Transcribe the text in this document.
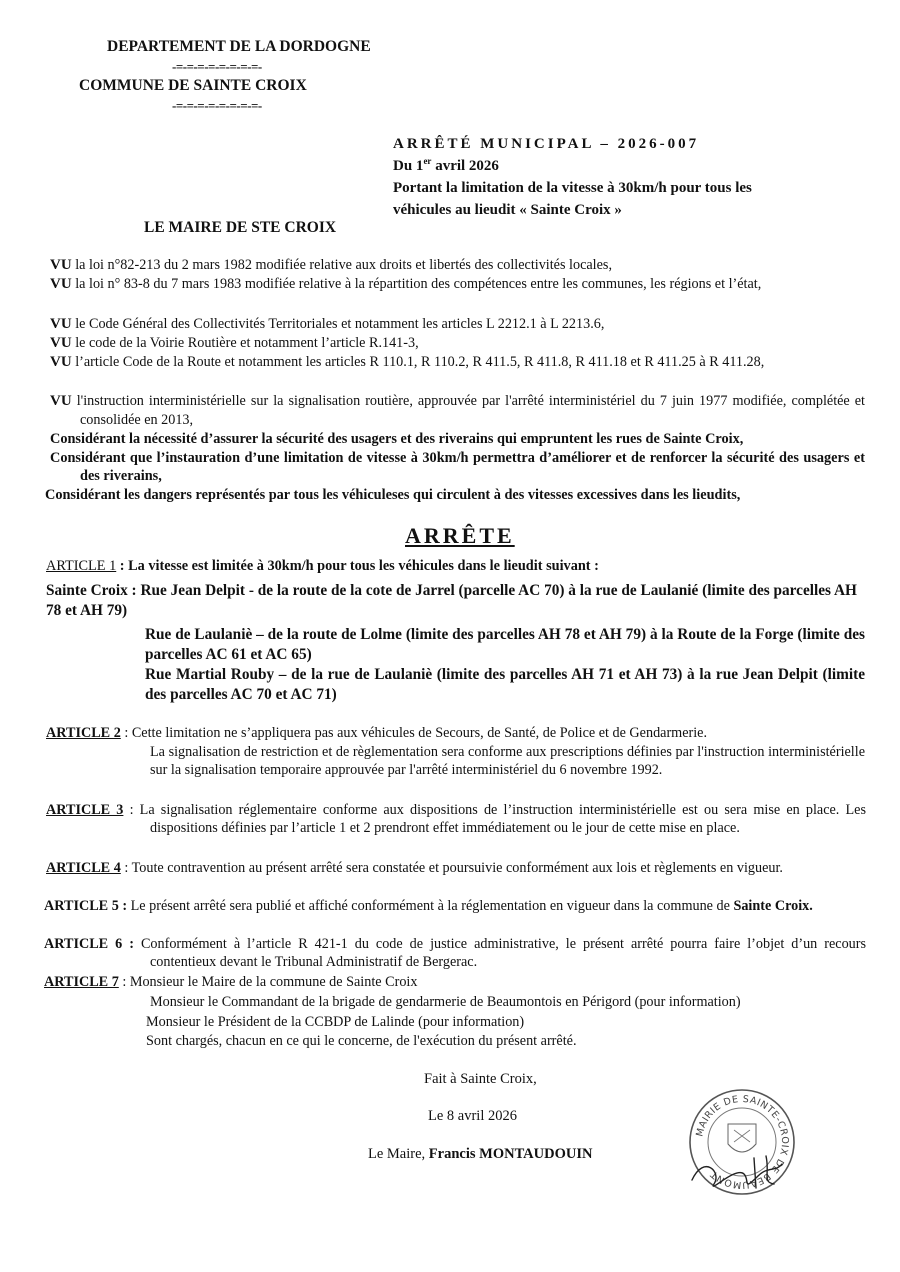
DEPARTEMENT DE LA DORDOGNE
-=-=-=-=-=-=-=-=-
COMMUNE DE SAINTE CROIX
-=-=-=-=-=-=-=-=-
ARRÊTÉ MUNICIPAL – 2026-007
Du 1er avril 2026
Portant la limitation de la vitesse à 30km/h pour tous les
véhicules au lieudit « Sainte Croix »
LE MAIRE DE STE CROIX
VU la loi n°82-213 du 2 mars 1982 modifiée relative aux droits et libertés des collectivités locales,
VU la loi n° 83-8 du 7 mars 1983 modifiée relative à la répartition des compétences entre les communes, les régions et l’état,
VU le Code Général des Collectivités Territoriales et notamment les articles L 2212.1 à L 2213.6,
VU le code de la Voirie Routière et notamment l’article R.141-3,
VU l’article Code de la Route et notamment les articles R 110.1, R 110.2, R 411.5, R 411.8, R 411.18 et R 411.25 à R 411.28,
VU l'instruction interministérielle sur la signalisation routière, approuvée par l'arrêté interministériel du 7 juin 1977 modifiée, complétée et consolidée en 2013,
Considérant la nécessité d’assurer la sécurité des usagers et des riverains qui empruntent les rues de Sainte Croix,
Considérant que l’instauration d’une limitation de vitesse à 30km/h permettra d’améliorer et de renforcer la sécurité des usagers et des riverains,
Considérant les dangers représentés par tous les véhiculeses qui circulent à des vitesses excessives dans les lieudits,
ARRÊTE
ARTICLE 1 : La vitesse est limitée à 30km/h pour tous les véhicules dans le lieudit suivant :
Sainte Croix : Rue Jean Delpit - de la route de la cote de Jarrel (parcelle AC 70) à la rue de Laulanié (limite des parcelles AH 78 et AH 79)
Rue de Laulaniè – de la route de Lolme (limite des parcelles AH 78 et AH 79) à la Route de la Forge (limite des parcelles AC 61 et AC 65)
Rue Martial Rouby – de la rue de Laulaniè (limite des parcelles AH 71 et AH 73) à la rue Jean Delpit (limite des parcelles AC 70 et AC 71)
ARTICLE 2 : Cette limitation ne s’appliquera pas aux véhicules de Secours, de Santé, de Police et de Gendarmerie.
La signalisation de restriction et de règlementation sera conforme aux prescriptions définies par l'instruction interministérielle sur la signalisation temporaire approuvée par l'arrêté interministériel du 6 novembre 1992.
ARTICLE 3 : La signalisation réglementaire conforme aux dispositions de l’instruction interministérielle est ou sera mise en place. Les dispositions définies par l’article 1 et 2 prendront effet immédiatement ou le jour de cette mise en place.
ARTICLE 4 : Toute contravention au présent arrêté sera constatée et poursuivie conformément aux lois et règlements en vigueur.
ARTICLE 5 : Le présent arrêté sera publié et affiché conformément à la réglementation en vigueur dans la commune de Sainte Croix.
ARTICLE 6 : Conformément à l’article R 421-1 du code de justice administrative, le présent arrêté pourra faire l’objet d’un recours contentieux devant le Tribunal Administratif de Bergerac.
ARTICLE 7 : Monsieur le Maire de la commune de Sainte Croix
Monsieur le Commandant de la brigade de gendarmerie de Beaumontois en Périgord (pour information)
Monsieur le Président de la CCBDP de Lalinde (pour information)
Sont chargés, chacun en ce qui le concerne, de l'exécution du présent arrêté.
Fait à Sainte Croix,
Le 8 avril 2026
Le Maire, Francis MONTAUDOUIN
MAIRIE DE SAINTE-CROIX DE BEAUMONT
